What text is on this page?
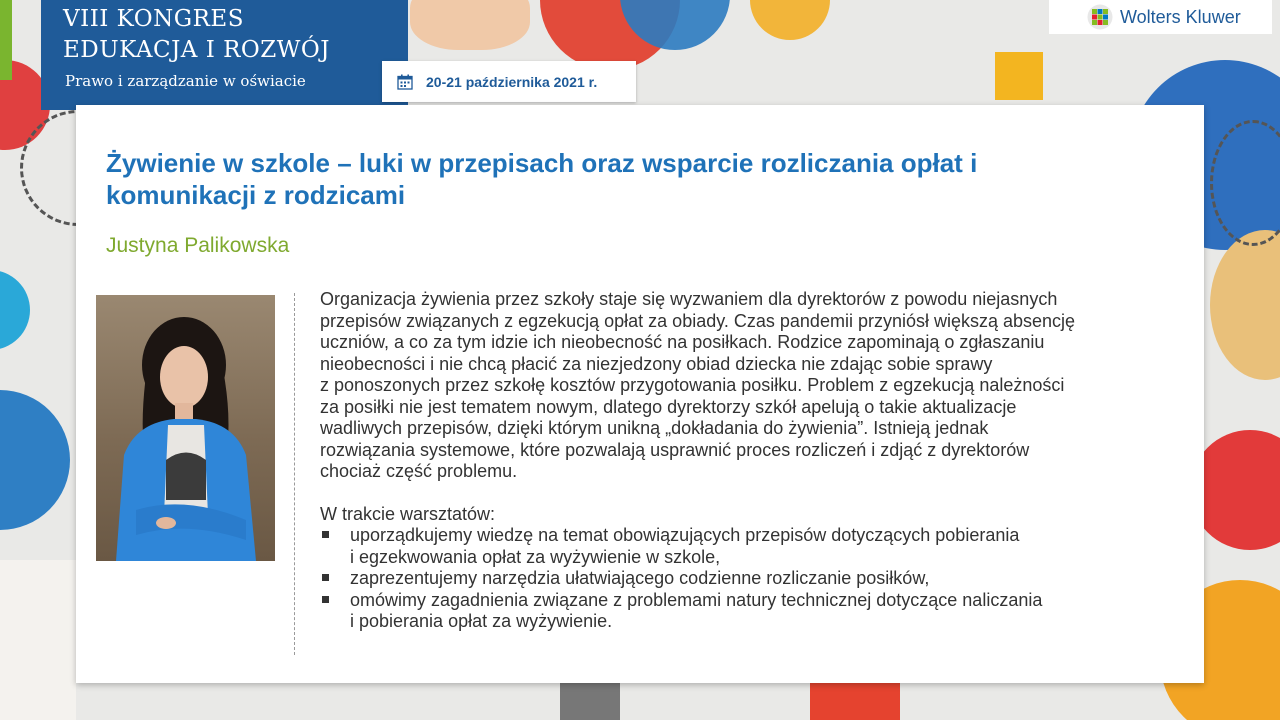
VIII KONGRES
EDUKACJA I ROZWÓJ
Prawo i zarządzanie w oświacie	20-21 października 2021 r.
Wolters Kluwer
Żywienie w szkole – luki w przepisach oraz wsparcie rozliczania opłat i komunikacji z rodzicami
Justyna Palikowska

Organizacja żywienia przez szkoły staje się wyzwaniem dla dyrektorów z powodu niejasnych
przepisów związanych z egzekucją opłat za obiady. Czas pandemii przyniósł większą absencję
uczniów, a co za tym idzie ich nieobecność na posiłkach. Rodzice zapominają o zgłaszaniu
nieobecności i nie chcą płacić za niezjedzony obiad dziecka nie zdając sobie sprawy
z ponoszonych przez szkołę kosztów przygotowania posiłku. Problem z egzekucją należności
za posiłki nie jest tematem nowym, dlatego dyrektorzy szkół apelują o takie aktualizacje
wadliwych przepisów, dzięki którym unikną „dokładania do żywienia”. Istnieją jednak
rozwiązania systemowe, które pozwalają usprawnić proces rozliczeń i zdjąć z dyrektorów
chociaż część problemu.

W trakcie warsztatów:

uporządkujemy wiedzę na temat obowiązujących przepisów dotyczących pobierania
i egzekwowania opłat za wyżywienie w szkole,
zaprezentujemy narzędzia ułatwiającego codzienne rozliczanie posiłków,
omówimy zagadnienia związane z problemami natury technicznej dotyczące naliczania
i pobierania opłat za wyżywienie.
